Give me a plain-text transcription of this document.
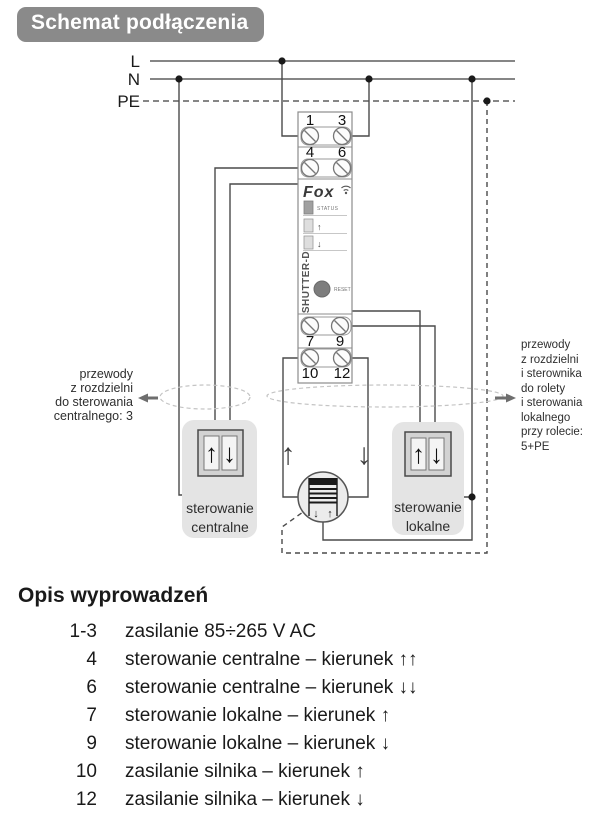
Schemat podłączenia
L
N
PE
1 3
4 6
7 9
10 12
Fox
STATUS
↑
↓
SHUTTER-D	RESET
przewody
z rozdzielni
do sterowania
centralnego: 3
przewody
z rozdzielni
i sterownika
do rolety
i sterowania
lokalnego
przy rolecie:
5+PE
↑ ↓
sterowanie
centralne
↑ ↓
sterowanie
lokalne
↑ ↓
↓ ↑
Opis wyprowadzeń
1-3 zasilanie 85÷265 V AC
4 sterowanie centralne – kierunek ↑↑
6 sterowanie centralne – kierunek ↓↓
7 sterowanie lokalne – kierunek ↑
9 sterowanie lokalne – kierunek ↓
10 zasilanie silnika – kierunek ↑
12 zasilanie silnika – kierunek ↓
